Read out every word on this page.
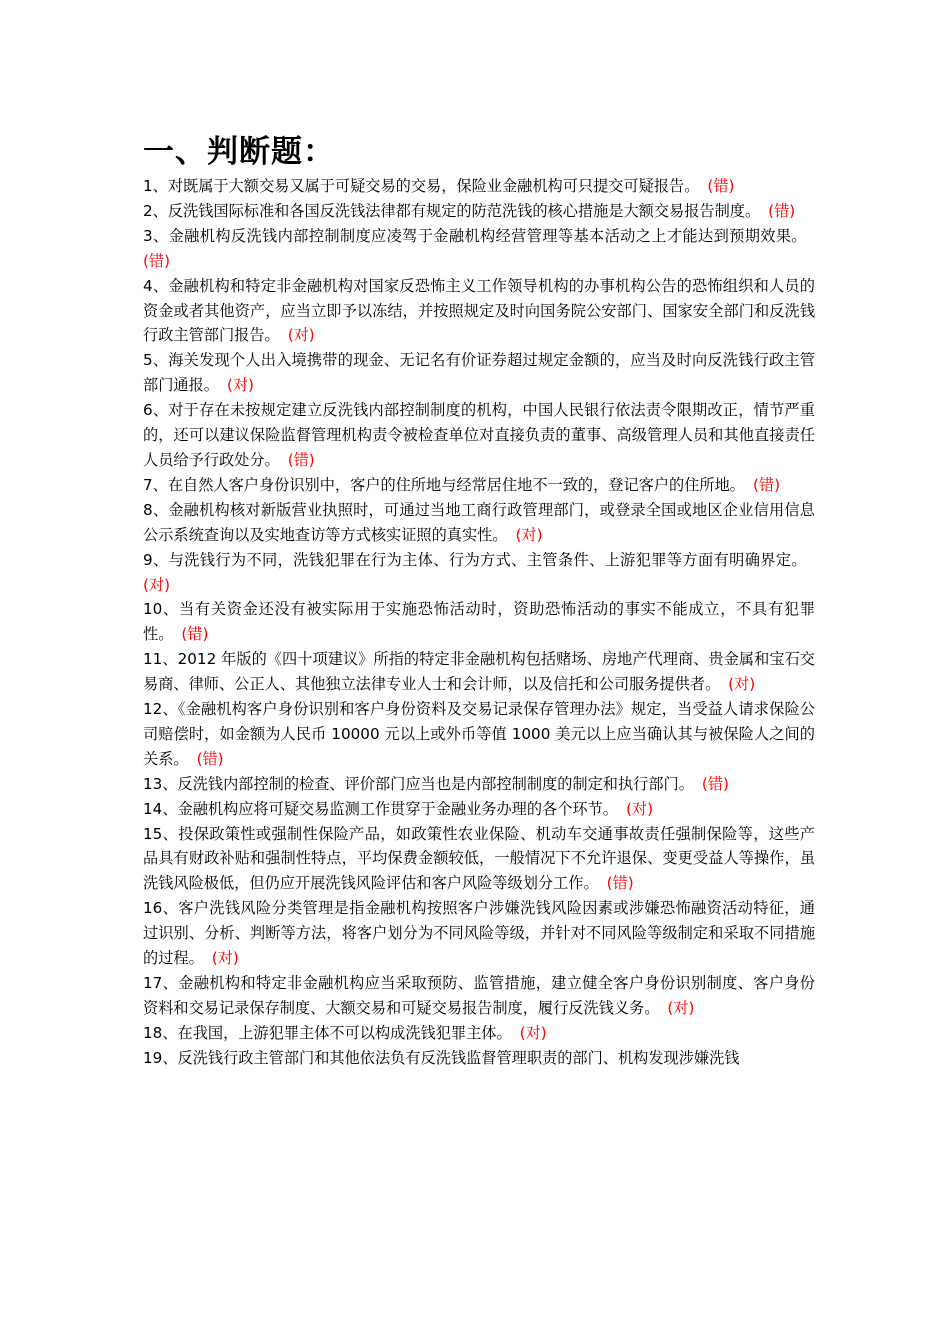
一、判断题：

1、对既属于大额交易又属于可疑交易的交易，保险业金融机构可只提交可疑报告。 (错)

2、反洗钱国际标准和各国反洗钱法律都有规定的防范洗钱的核心措施是大额交易报告制度。 (错)

3、金融机构反洗钱内部控制制度应凌驾于金融机构经营管理等基本活动之上才能达到预期效果。(错)

4、金融机构和特定非金融机构对国家反恐怖主义工作领导机构的办事机构公告的恐怖组织和人员的资金或者其他资产，应当立即予以冻结，并按照规定及时向国务院公安部门、国家安全部门和反洗钱行政主管部门报告。 (对)

5、海关发现个人出入境携带的现金、无记名有价证券超过规定金额的，应当及时向反洗钱行政主管部门通报。 (对)

6、对于存在未按规定建立反洗钱内部控制制度的机构，中国人民银行依法责令限期改正，情节严重的，还可以建议保险监督管理机构责令被检查单位对直接负责的董事、高级管理人员和其他直接责任人员给予行政处分。 (错)

7、在自然人客户身份识别中，客户的住所地与经常居住地不一致的，登记客户的住所地。 (错)

8、金融机构核对新版营业执照时，可通过当地工商行政管理部门，或登录全国或地区企业信用信息公示系统查询以及实地查访等方式核实证照的真实性。 (对)

9、与洗钱行为不同，洗钱犯罪在行为主体、行为方式、主管条件、上游犯罪等方面有明确界定。(对)

10、当有关资金还没有被实际用于实施恐怖活动时，资助恐怖活动的事实不能成立，不具有犯罪性。 (错)

11、2012 年版的《四十项建议》所指的特定非金融机构包括赌场、房地产代理商、贵金属和宝石交易商、律师、公正人、其他独立法律专业人士和会计师，以及信托和公司服务提供者。 (对)

12、《金融机构客户身份识别和客户身份资料及交易记录保存管理办法》规定，当受益人请求保险公司赔偿时，如金额为人民币 10000 元以上或外币等值 1000 美元以上应当确认其与被保险人之间的关系。 (错)

13、反洗钱内部控制的检查、评价部门应当也是内部控制制度的制定和执行部门。 (错)

14、金融机构应将可疑交易监测工作贯穿于金融业务办理的各个环节。 (对)

15、投保政策性或强制性保险产品，如政策性农业保险、机动车交通事故责任强制保险等，这些产品具有财政补贴和强制性特点，平均保费金额较低，一般情况下不允许退保、变更受益人等操作，虽洗钱风险极低，但仍应开展洗钱风险评估和客户风险等级划分工作。 (错)

16、客户洗钱风险分类管理是指金融机构按照客户涉嫌洗钱风险因素或涉嫌恐怖融资活动特征，通过识别、分析、判断等方法，将客户划分为不同风险等级，并针对不同风险等级制定和采取不同措施的过程。 (对)

17、金融机构和特定非金融机构应当采取预防、监管措施，建立健全客户身份识别制度、客户身份资料和交易记录保存制度、大额交易和可疑交易报告制度，履行反洗钱义务。 (对)

18、在我国，上游犯罪主体不可以构成洗钱犯罪主体。 (对)

19、反洗钱行政主管部门和其他依法负有反洗钱监督管理职责的部门、机构发现涉嫌洗钱
